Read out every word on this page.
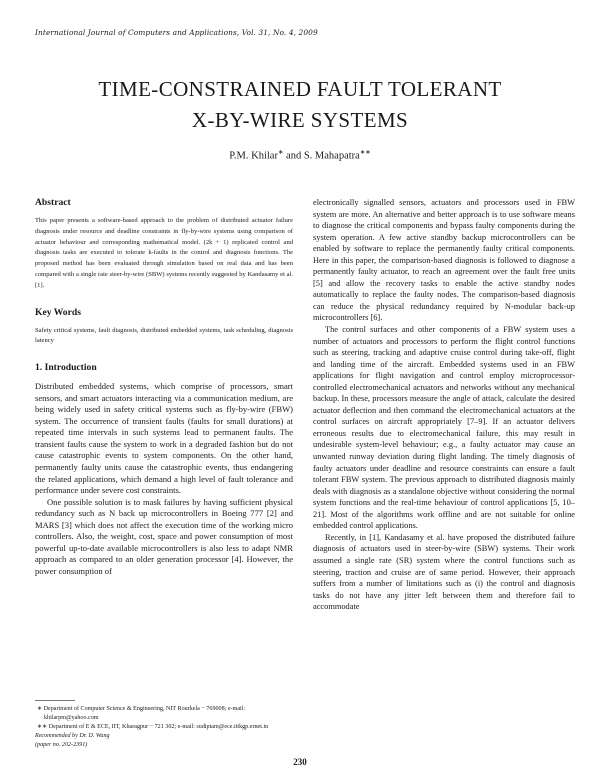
International Journal of Computers and Applications, Vol. 31, No. 4, 2009
TIME-CONSTRAINED FAULT TOLERANT
X-BY-WIRE SYSTEMS
P.M. Khilar∗ and S. Mahapatra∗∗
Abstract

This paper presents a software-based approach to the problem of distributed actuator failure diagnosis under resource and deadline constraints in fly-by-wire systems using comparison of actuator behaviour and corresponding mathematical model. (2k + 1) replicated control and diagnosis tasks are executed to tolerate k-faults in the control and diagnosis functions. The proposed method has been evaluated through simulation based on real data and has been compared with a single rate steer-by-wire (SBW) systems recently suggested by Kandasamy et al. [1].

Key Words

Safety critical systems, fault diagnosis, distributed embedded systems, task scheduling, diagnosis latency

1. Introduction

Distributed embedded systems, which comprise of processors, smart sensors, and smart actuators interacting via a communication medium, are being widely used in safety critical systems such as fly-by-wire (FBW) system. The occurrence of transient faults (faults for small durations) at repeated time intervals in such systems lead to permanent faults. The transient faults cause the system to work in a degraded fashion but do not cause catastrophic events to system components. On the other hand, permanently faulty units cause the catastrophic events, thus endangering the related applications, which demand a high level of fault tolerance and performance under severe cost constraints.

One possible solution is to mask failures by having sufficient physical redundancy such as N back up microcontrollers in Boeing 777 [2] and MARS [3] which does not affect the execution time of the working micro controllers. Also, the weight, cost, space and power consumption of most powerful up-to-date available microcontrollers is also less to adapt NMR approach as compared to an older generation processor [4]. However, the power consumption of

electronically signalled sensors, actuators and processors used in FBW system are more. An alternative and better approach is to use software means to diagnose the critical components and bypass faulty components during the system operation. A few active standby backup microcontrollers can be enabled by software to replace the permanently faulty critical components. Here in this paper, the comparison-based diagnosis is followed to diagnose a permanently faulty actuator, to reach an agreement over the fault free units [5] and allow the recovery tasks to enable the active standby nodes automatically to replace the faulty nodes. The comparison-based diagnosis can reduce the physical redundancy required by N-modular back-up microcontrollers [6].

The control surfaces and other components of a FBW system uses a number of actuators and processors to perform the flight control functions such as steering, tracking and adaptive cruise control during take-off, flight and landing time of the aircraft. Embedded systems used in an FBW applications for flight navigation and control employ microprocessor-controlled electromechanical actuators and networks without any mechanical backup. In these, processors measure the angle of attack, calculate the desired actuator deflection and then command the electromechanical actuators at the control surfaces on aircraft appropriately [7–9]. If an actuator delivers erroneous results due to electromechanical failure, this may result in undesirable system-level behaviour; e.g., a faulty actuator may cause an unwanted runway deviation during flight landing. The timely diagnosis of faulty actuators under deadline and resource constraints can ensure a fault tolerant FBW system. The previous approach to distributed diagnosis mainly deals with diagnosis as a standalone objective without considering the normal system functions and the real-time behaviour of control applications [5, 10–21]. Most of the algorithms work offline and are not suitable for online embedded control applications.

Recently, in [1], Kandasamy et al. have proposed the distributed failure diagnosis of actuators used in steer-by-wire (SBW) systems. Their work assumed a single rate (SR) system where the control functions such as steering, traction and cruise are of same period. However, their approach suffers from a number of limitations such as (i) the control and diagnosis tasks do not have any jitter left between them and therefore fail to accommodate

∗ Department of Computer Science & Engineering, NIT Rourkela − 769008; e-mail: khilarpm@yahoo.com

∗∗ Department of E & ECE, IIT, Kharagpur − 721 302; e-mail: sudiptam@ece.iitkgp.ernet.in

Recommended by Dr. D. Wang

(paper no. 202-2391)

230
